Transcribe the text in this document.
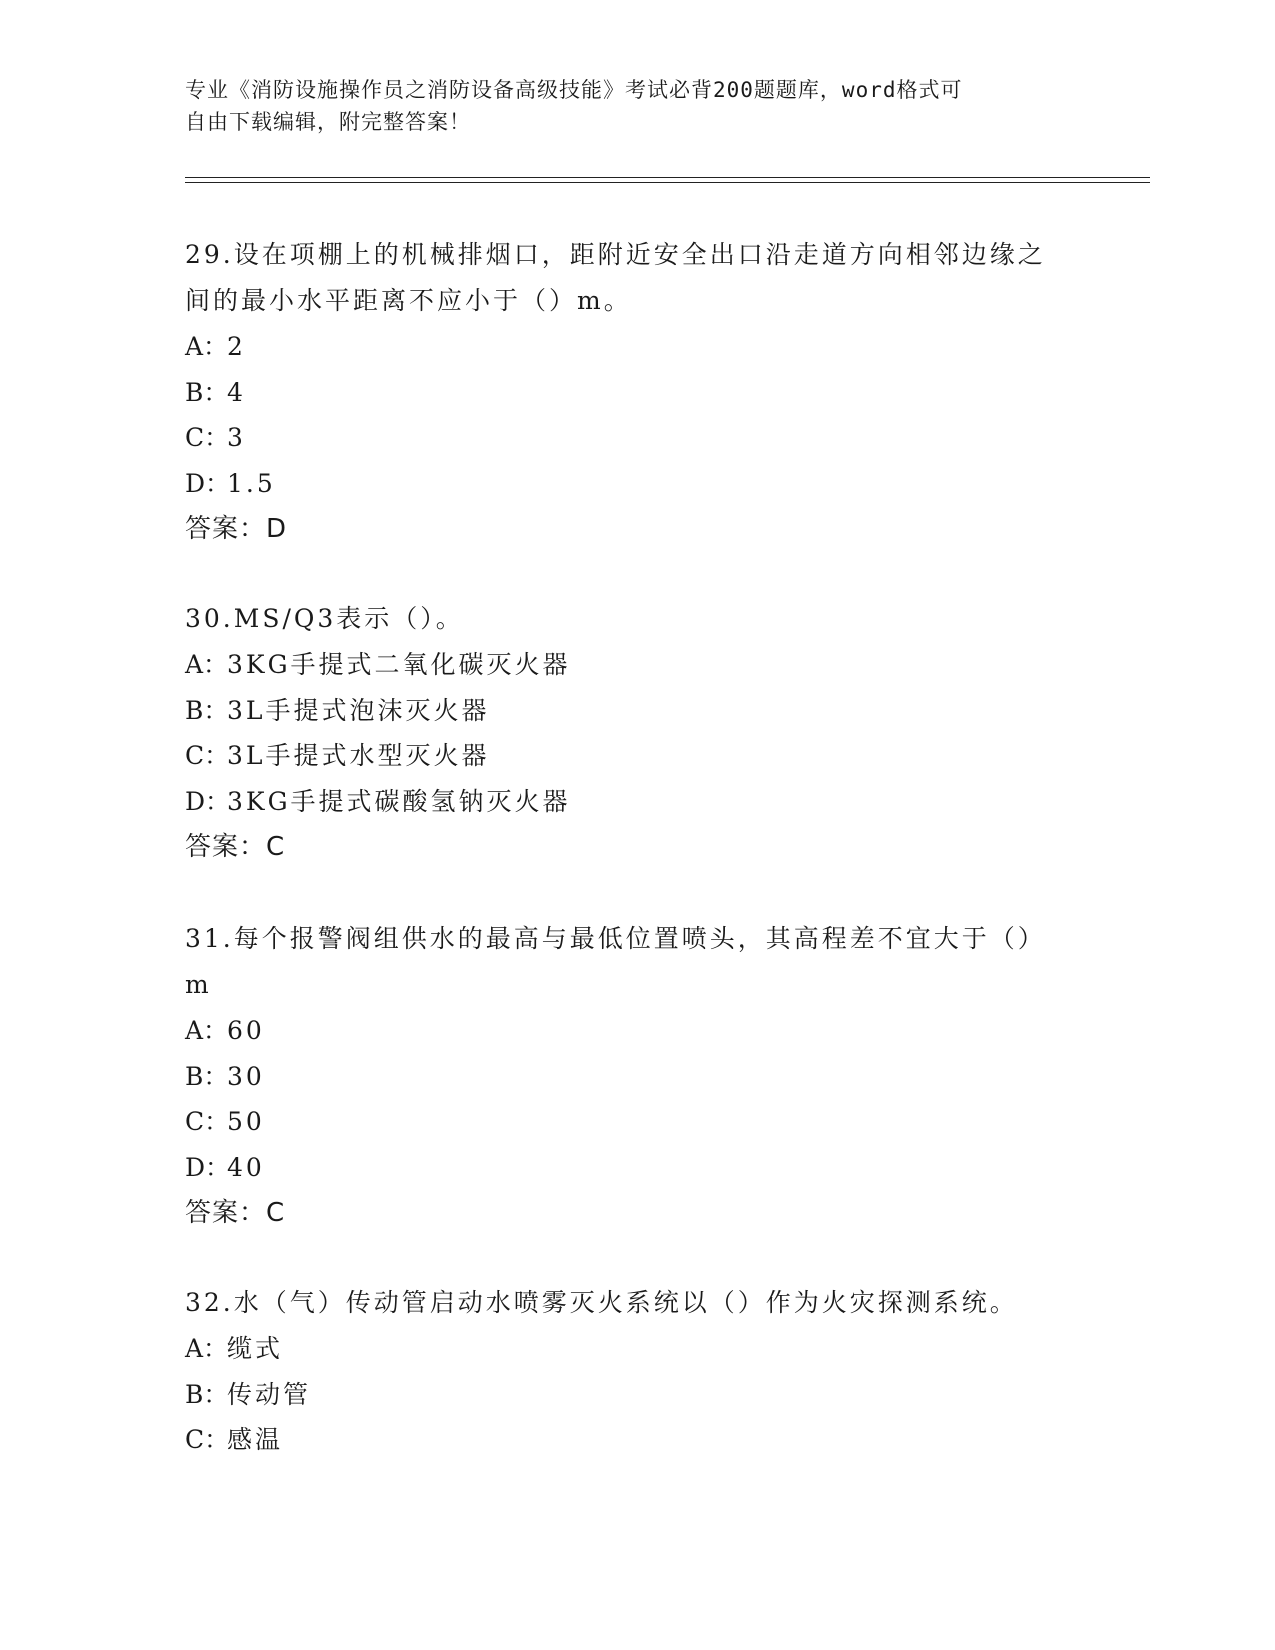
专业《消防设施操作员之消防设备高级技能》考试必背200题题库，word格式可
自由下载编辑，附完整答案！
29.设在项棚上的机械排烟口，距附近安全出口沿走道方向相邻边缘之
间的最小水平距离不应小于（）m。
A：2
B：4
C：3
D：1.5
答案：D
30.MS/Q3表示（）。
A：3KG手提式二氧化碳灭火器
B：3L手提式泡沫灭火器
C：3L手提式水型灭火器
D：3KG手提式碳酸氢钠灭火器
答案：C
31.每个报警阀组供水的最高与最低位置喷头，其高程差不宜大于（）
m
A：60
B：30
C：50
D：40
答案：C
32.水（气）传动管启动水喷雾灭火系统以（）作为火灾探测系统。
A：缆式
B：传动管
C：感温
